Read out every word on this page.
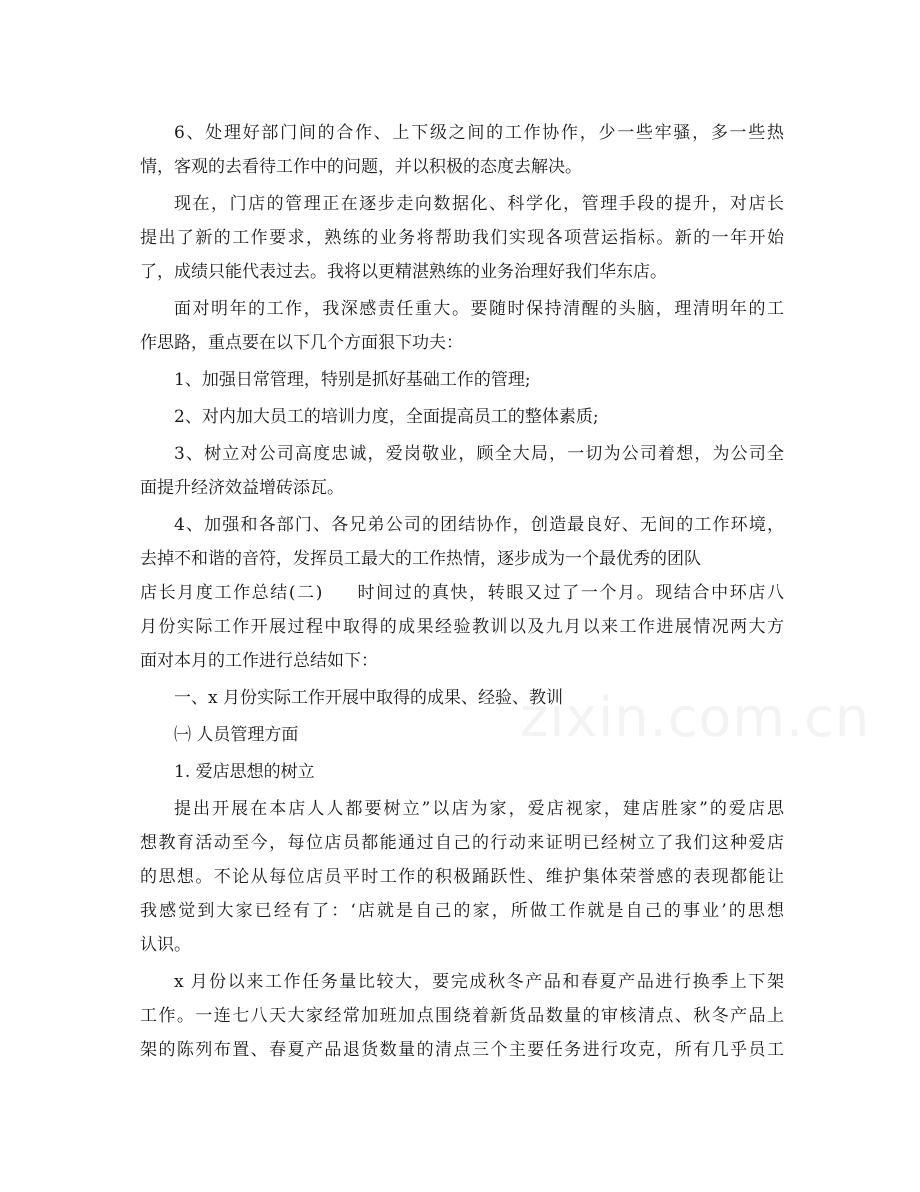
6、处理好部门间的合作、上下级之间的工作协作，少一些牢骚，多一些热
情，客观的去看待工作中的问题，并以积极的态度去解决。

现在，门店的管理正在逐步走向数据化、科学化，管理手段的提升，对店长
提出了新的工作要求，熟练的业务将帮助我们实现各项营运指标。新的一年开始
了，成绩只能代表过去。我将以更精湛熟练的业务治理好我们华东店。

面对明年的工作，我深感责任重大。要随时保持清醒的头脑，理清明年的工
作思路，重点要在以下几个方面狠下功夫：

1、加强日常管理，特别是抓好基础工作的管理;

2、对内加大员工的培训力度，全面提高员工的整体素质;

3、树立对公司高度忠诚，爱岗敬业，顾全大局，一切为公司着想，为公司全
面提升经济效益增砖添瓦。

4、加强和各部门、各兄弟公司的团结协作，创造最良好、无间的工作环境，
去掉不和谐的音符，发挥员工最大的工作热情，逐步成为一个最优秀的团队
店长月度工作总结(二)     时间过的真快，转眼又过了一个月。现结合中环店八
月份实际工作开展过程中取得的成果经验教训以及九月以来工作进展情况两大方
面对本月的工作进行总结如下：

一、x 月份实际工作开展中取得的成果、经验、教训

㈠ 人员管理方面

1. 爱店思想的树立

提出开展在本店人人都要树立”以店为家，爱店视家，建店胜家”的爱店思
想教育活动至今，每位店员都能通过自己的行动来证明已经树立了我们这种爱店
的思想。不论从每位店员平时工作的积极踊跃性、维护集体荣誉感的表现都能让
我感觉到大家已经有了：‘店就是自己的家，所做工作就是自己的事业’的思想
认识。

x 月份以来工作任务量比较大，要完成秋冬产品和春夏产品进行换季上下架
工作。一连七八天大家经常加班加点围绕着新货品数量的审核清点、秋冬产品上
架的陈列布置、春夏产品退货数量的清点三个主要任务进行攻克，所有几乎员工
